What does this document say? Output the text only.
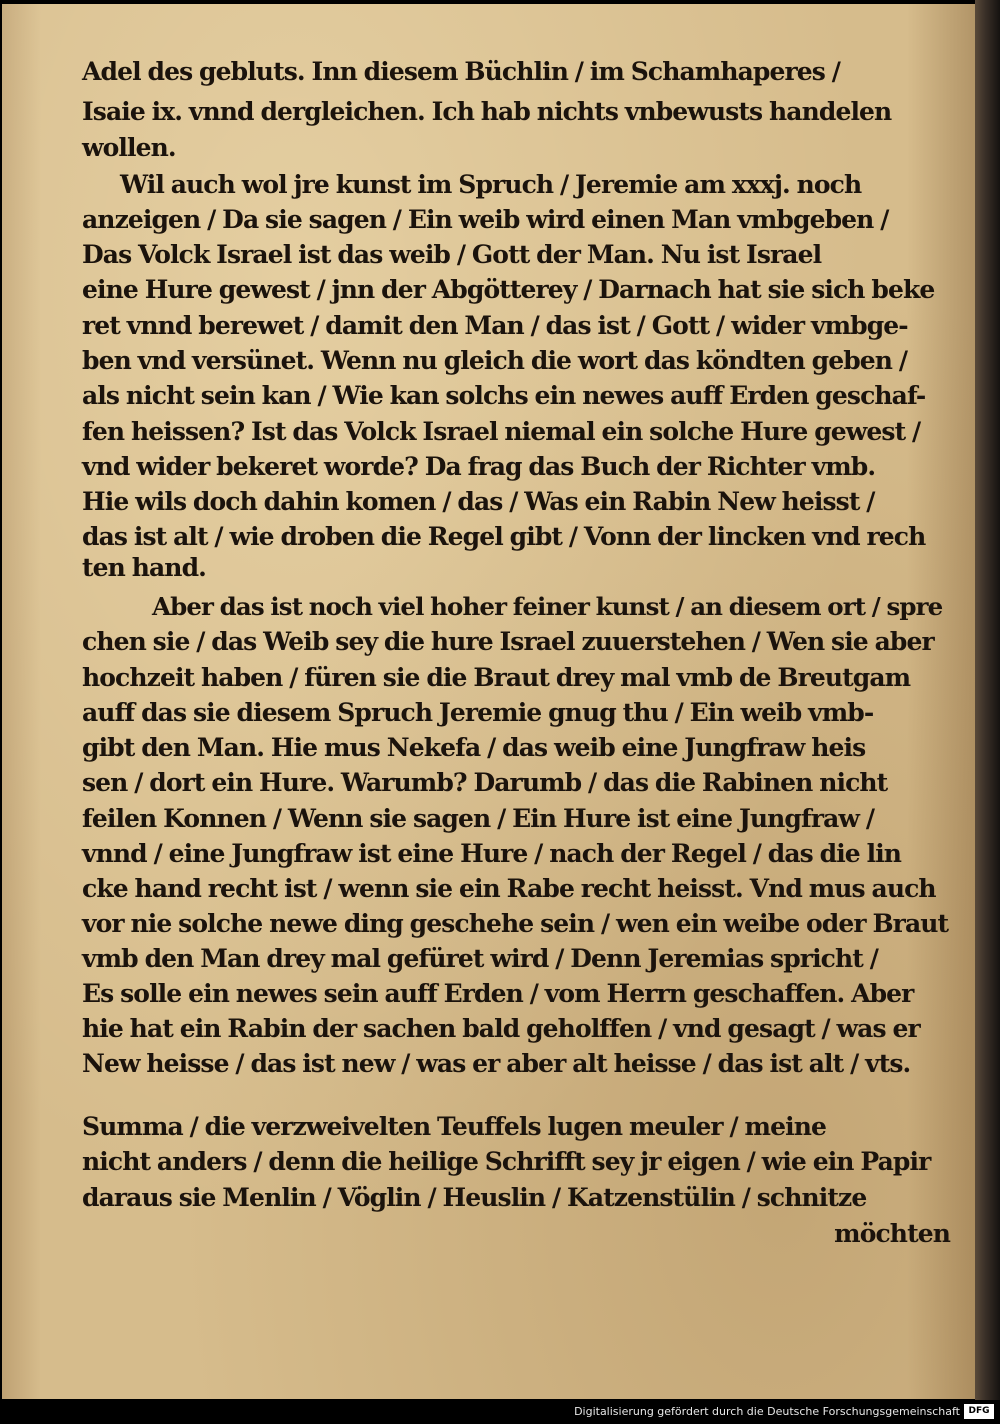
Adel des gebluts. Inn diesem Büchlin / im Schamhaperes /
Isaie ix. vnnd dergleichen. Ich hab nichts vnbewusts handelen
wollen.
Wil auch wol jre kunst im Spruch / Jeremie am xxxj. noch
anzeigen / Da sie sagen / Ein weib wird einen Man vmbgeben /
Das Volck Israel ist das weib / Gott der Man. Nu ist Israel
eine Hure gewest / jnn der Abgötterey / Darnach hat sie sich beke
ret vnnd berewet / damit den Man / das ist / Gott / wider vmbge-
ben vnd versünet. Wenn nu gleich die wort das köndten geben /
als nicht sein kan / Wie kan solchs ein newes auff Erden geschaf-
fen heissen? Ist das Volck Israel niemal ein solche Hure gewest /
vnd wider bekeret worde? Da frag das Buch der Richter vmb.
Hie wils doch dahin komen / das / Was ein Rabin New heisst /
das ist alt / wie droben die Regel gibt / Vonn der lincken vnd rech
ten hand.
Aber das ist noch viel hoher feiner kunst / an diesem ort / spre
chen sie / das Weib sey die hure Israel zuuerstehen / Wen sie aber
hochzeit haben / füren sie die Braut drey mal vmb de Breutgam
auff das sie diesem Spruch Jeremie gnug thu / Ein weib vmb-
gibt den Man. Hie mus Nekefa / das weib eine Jungfraw heis
sen / dort ein Hure. Warumb? Darumb / das die Rabinen nicht
feilen Konnen / Wenn sie sagen / Ein Hure ist eine Jungfraw /
vnnd / eine Jungfraw ist eine Hure / nach der Regel / das die lin
cke hand recht ist / wenn sie ein Rabe recht heisst. Vnd mus auch
vor nie solche newe ding geschehe sein / wen ein weibe oder Braut
vmb den Man drey mal gefüret wird / Denn Jeremias spricht /
Es solle ein newes sein auff Erden / vom Herrn geschaffen. Aber
hie hat ein Rabin der sachen bald geholffen / vnd gesagt / was er
New heisse / das ist new / was er aber alt heisse / das ist alt / vts.
Summa / die verzweivelten Teuffels lugen meuler / meine
nicht anders / denn die heilige Schrifft sey jr eigen / wie ein Papir
daraus sie Menlin / Vöglin / Heuslin / Katzenstülin / schnitze
möchten
Digitalisierung gefördert durch die Deutsche Forschungsgemeinschaft DFG
